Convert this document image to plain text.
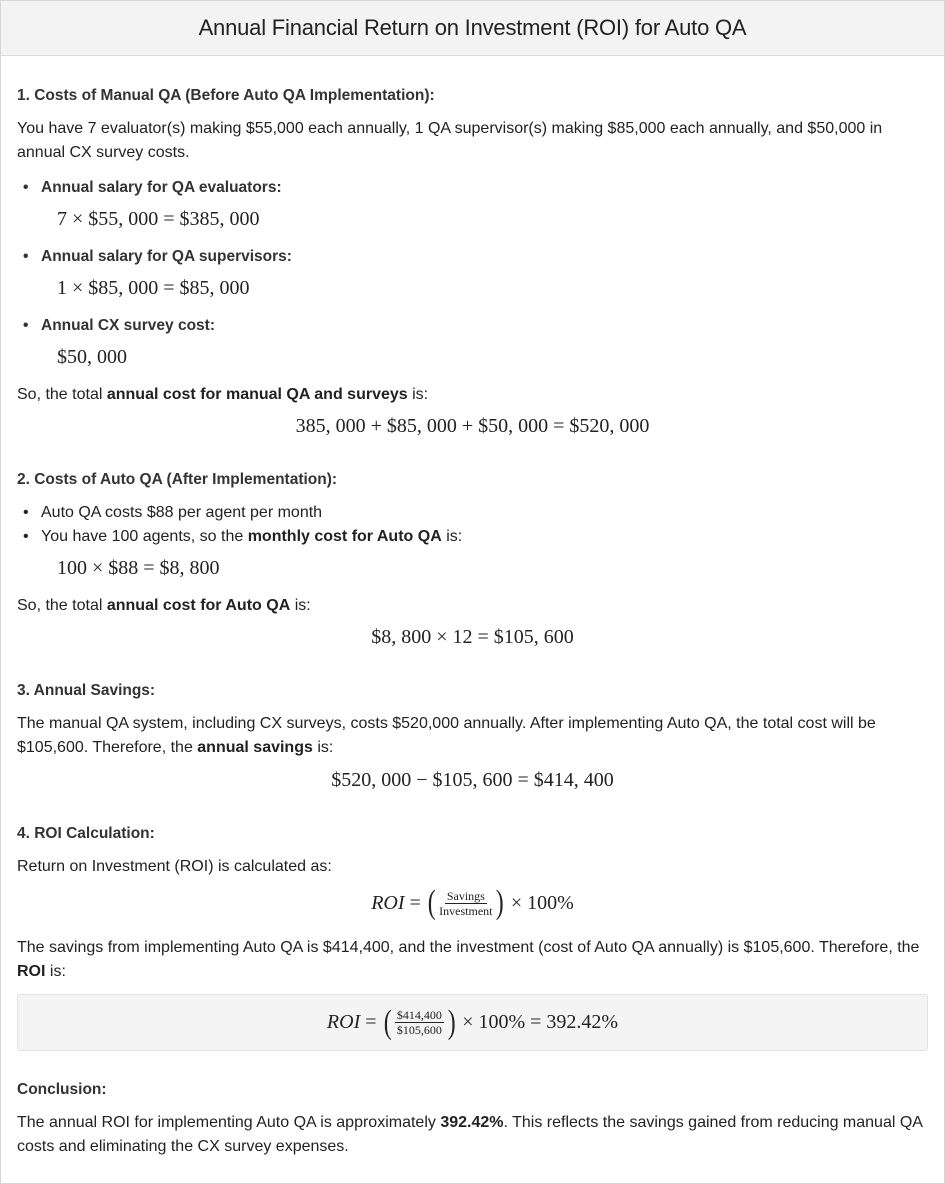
Annual Financial Return on Investment (ROI) for Auto QA
1. Costs of Manual QA (Before Auto QA Implementation):
You have 7 evaluator(s) making $55,000 each annually, 1 QA supervisor(s) making $85,000 each annually, and $50,000 in annual CX survey costs.
• Annual salary for QA evaluators:
7 × $55, 000 = $385, 000
• Annual salary for QA supervisors:
1 × $85, 000 = $85, 000
• Annual CX survey cost:
$50, 000
So, the total annual cost for manual QA and surveys is:
385, 000 + $85, 000 + $50, 000 = $520, 000
2. Costs of Auto QA (After Implementation):
• Auto QA costs $88 per agent per month
• You have 100 agents, so the monthly cost for Auto QA is:
100 × $88 = $8, 800
So, the total annual cost for Auto QA is:
$8, 800 × 12 = $105, 600
3. Annual Savings:
The manual QA system, including CX surveys, costs $520,000 annually. After implementing Auto QA, the total cost will be $105,600. Therefore, the annual savings is:
$520, 000 − $105, 600 = $414, 400
4. ROI Calculation:
Return on Investment (ROI) is calculated as:
ROI
=
( $\frac{\text{Savings}}{\text{Investment}}$ )
× 100%
The savings from implementing Auto QA is $414,400, and the investment (cost of Auto QA annually) is $105,600. Therefore, the ROI is:
ROI
=
( $\frac{\$414,400}{\$105,600}$ )
× 100% = 392.42%
Conclusion:
The annual ROI for implementing Auto QA is approximately 392.42%. This reflects the savings gained from reducing manual QA costs and eliminating the CX survey expenses.
